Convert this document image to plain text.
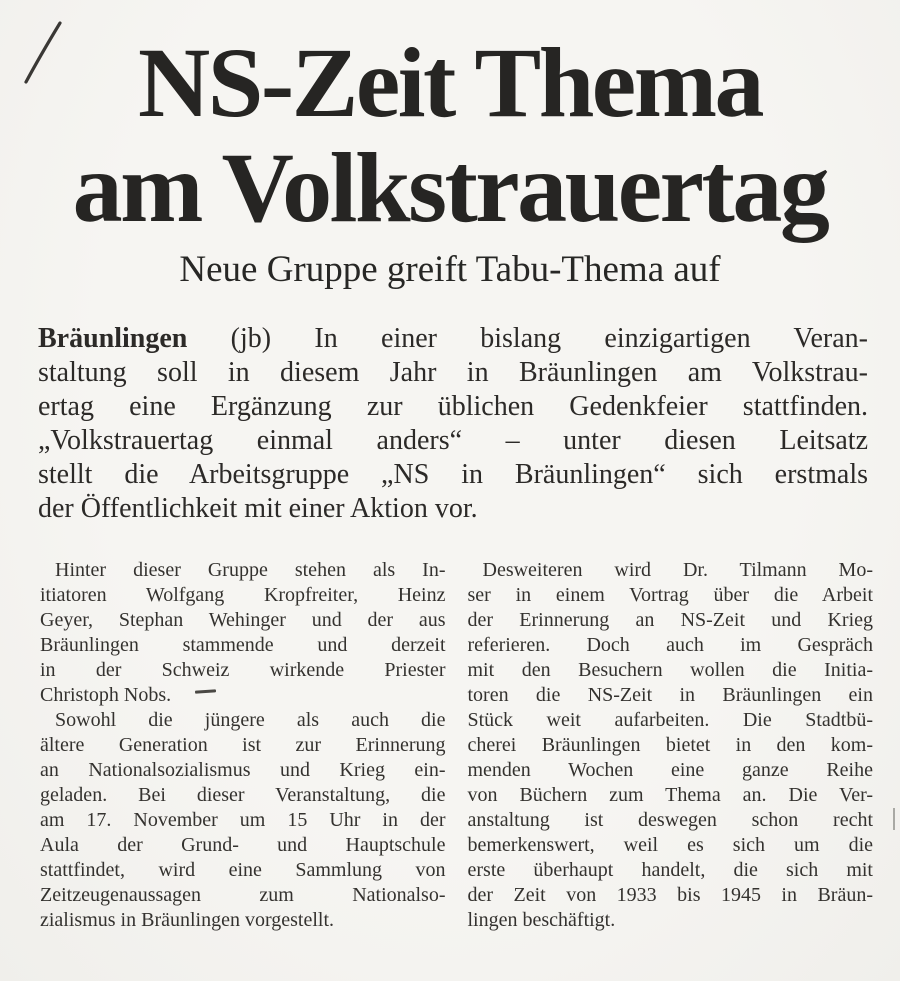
NS-Zeit Thema
am Volkstrauertag
Neue Gruppe greift Tabu-Thema auf
Bräunlingen (jb) In einer bislang einzigartigen Veran-
staltung soll in diesem Jahr in Bräunlingen am Volkstrau-
ertag eine Ergänzung zur üblichen Gedenkfeier stattfinden.
„Volkstrauertag einmal anders“ – unter diesen Leitsatz
stellt die Arbeitsgruppe „NS in Bräunlingen“ sich erstmals
der Öffentlichkeit mit einer Aktion vor.
Hinter dieser Gruppe stehen als In-
itiatoren Wolfgang Kropfreiter, Heinz
Geyer, Stephan Wehinger und der aus
Bräunlingen stammende und derzeit
in der Schweiz wirkende Priester
Christoph Nobs.
Sowohl die jüngere als auch die
ältere Generation ist zur Erinnerung
an Nationalsozialismus und Krieg ein-
geladen. Bei dieser Veranstaltung, die
am 17. November um 15 Uhr in der
Aula der Grund- und Hauptschule
stattfindet, wird eine Sammlung von
Zeitzeugenaussagen zum Nationalso-
zialismus in Bräunlingen vorgestellt.
Desweiteren wird Dr. Tilmann Mo-
ser in einem Vortrag über die Arbeit
der Erinnerung an NS-Zeit und Krieg
referieren. Doch auch im Gespräch
mit den Besuchern wollen die Initia-
toren die NS-Zeit in Bräunlingen ein
Stück weit aufarbeiten. Die Stadtbü-
cherei Bräunlingen bietet in den kom-
menden Wochen eine ganze Reihe
von Büchern zum Thema an. Die Ver-
anstaltung ist deswegen schon recht
bemerkenswert, weil es sich um die
erste überhaupt handelt, die sich mit
der Zeit von 1933 bis 1945 in Bräun-
lingen beschäftigt.
